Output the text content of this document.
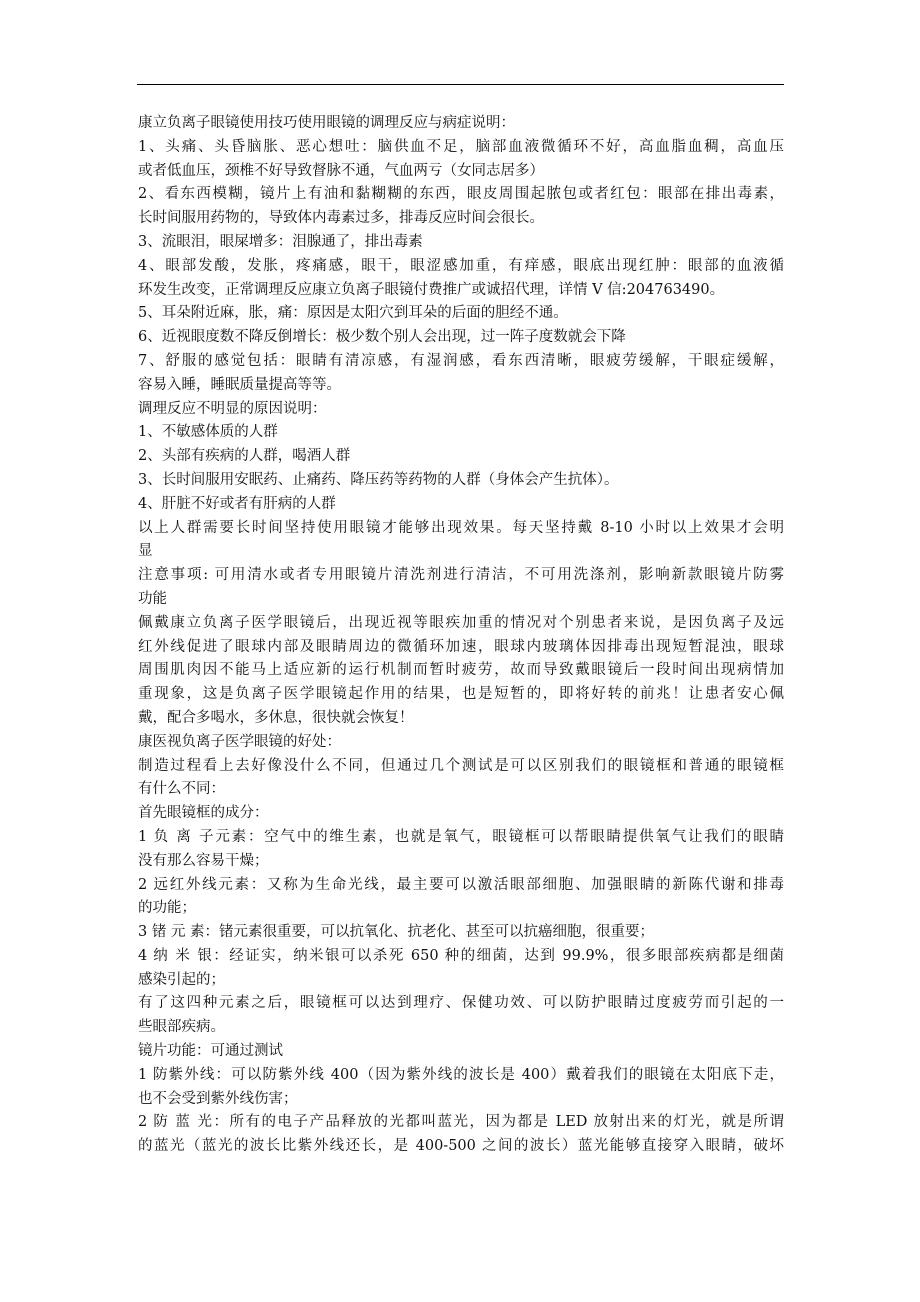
康立负离子眼镜使用技巧使用眼镜的调理反应与病症说明：
1、头痛、头昏脑胀、恶心想吐：脑供血不足，脑部血液微循环不好，高血脂血稠，高血压
或者低血压，颈椎不好导致督脉不通，气血两亏（女同志居多）
2、看东西模糊，镜片上有油和黏糊糊的东西，眼皮周围起脓包或者红包：眼部在排出毒素，
长时间服用药物的，导致体内毒素过多，排毒反应时间会很长。
3、流眼泪，眼屎增多：泪腺通了，排出毒素
4、眼部发酸，发胀，疼痛感，眼干，眼涩感加重，有痒感，眼底出现红肿：眼部的血液循
环发生改变，正常调理反应康立负离子眼镜付费推广或诚招代理，详情 V 信:204763490。
5、耳朵附近麻，胀，痛：原因是太阳穴到耳朵的后面的胆经不通。
6、近视眼度数不降反倒增长：极少数个别人会出现，过一阵子度数就会下降
7、舒服的感觉包括：眼睛有清凉感，有湿润感，看东西清晰，眼疲劳缓解，干眼症缓解，
容易入睡，睡眠质量提高等等。
调理反应不明显的原因说明：
1、不敏感体质的人群
2、头部有疾病的人群，喝酒人群
3、长时间服用安眠药、止痛药、降压药等药物的人群（身体会产生抗体）。
4、肝脏不好或者有肝病的人群
以上人群需要长时间坚持使用眼镜才能够出现效果。每天坚持戴 8-10 小时以上效果才会明
显
注意事项: 可用清水或者专用眼镜片清洗剂进行清洁，不可用洗涤剂，影响新款眼镜片防雾
功能
佩戴康立负离子医学眼镜后，出现近视等眼疾加重的情况对个别患者来说，是因负离子及远
红外线促进了眼球内部及眼睛周边的微循环加速，眼球内玻璃体因排毒出现短暂混浊，眼球
周围肌肉因不能马上适应新的运行机制而暂时疲劳，故而导致戴眼镜后一段时间出现病情加
重现象，这是负离子医学眼镜起作用的结果，也是短暂的，即将好转的前兆！让患者安心佩
戴，配合多喝水，多休息，很快就会恢复！
康医视负离子医学眼镜的好处：
制造过程看上去好像没什么不同，但通过几个测试是可以区别我们的眼镜框和普通的眼镜框
有什么不同：
首先眼镜框的成分：
1 负 离 子元素：空气中的维生素，也就是氧气，眼镜框可以帮眼睛提供氧气让我们的眼睛
没有那么容易干燥；
2 远红外线元素：又称为生命光线，最主要可以激活眼部细胞、加强眼睛的新陈代谢和排毒
的功能；
3 锗 元 素：锗元素很重要，可以抗氧化、抗老化、甚至可以抗癌细胞，很重要；
4 纳 米 银：经证实，纳米银可以杀死 650 种的细菌，达到 99.9%，很多眼部疾病都是细菌
感染引起的；
有了这四种元素之后，眼镜框可以达到理疗、保健功效、可以防护眼睛过度疲劳而引起的一
些眼部疾病。
镜片功能：可通过测试
1 防紫外线：可以防紫外线 400（因为紫外线的波长是 400）戴着我们的眼镜在太阳底下走，
也不会受到紫外线伤害；
2 防 蓝 光：所有的电子产品释放的光都叫蓝光，因为都是 LED 放射出来的灯光，就是所谓
的蓝光（蓝光的波长比紫外线还长，是 400-500 之间的波长）蓝光能够直接穿入眼睛，破坏
